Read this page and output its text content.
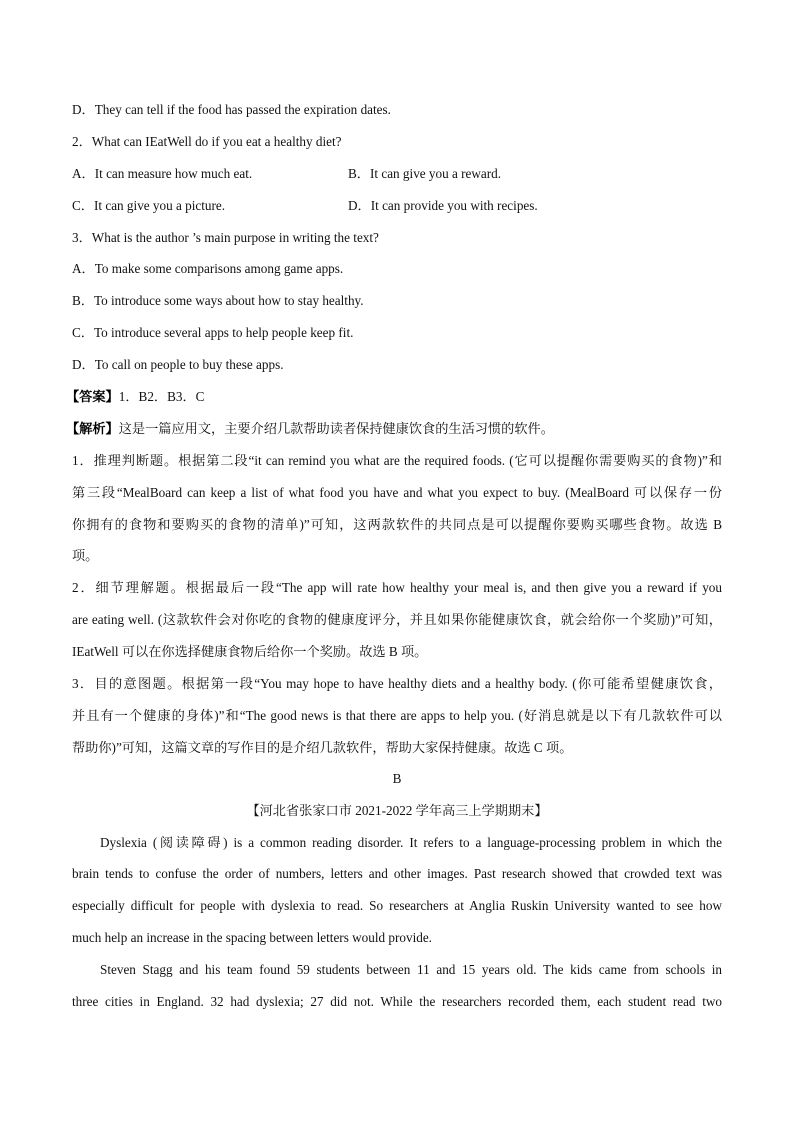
D．They can tell if the food has passed the expiration dates.
2．What can IEatWell do if you eat a healthy diet?
A．It can measure how much eat.	B．It can give you a reward.
C．It can give you a picture.	D．It can provide you with recipes.
3．What is the author ’s main purpose in writing the text?
A．To make some comparisons among game apps.
B．To introduce some ways about how to stay healthy.
C．To introduce several apps to help people keep fit.
D．To call on people to buy these apps.
【答案】1．B2．B3．C
【解析】这是一篇应用文，主要介绍几款帮助读者保持健康饮食的生活习惯的软件。
1．推理判断题。根据第二段“it can remind you what are the required foods. (它可以提醒你需要购买的食物)”和
第三段“MealBoard can keep a list of what food you have and what you expect to buy. (MealBoard 可以保存一份
你拥有的食物和要购买的食物的清单)”可知，这两款软件的共同点是可以提醒你要购买哪些食物。故选 B
项。
2．细节理解题。根据最后一段“The app will rate how healthy your meal is, and then give you a reward if you
are eating well. (这款软件会对你吃的食物的健康度评分，并且如果你能健康饮食，就会给你一个奖励)”可知，
IEatWell 可以在你选择健康食物后给你一个奖励。故选 B 项。
3．目的意图题。根据第一段“You may hope to have healthy diets and a healthy body. (你可能希望健康饮食，
并且有一个健康的身体)”和“The good news is that there are apps to help you. (好消息就是以下有几款软件可以
帮助你)”可知，这篇文章的写作目的是介绍几款软件，帮助大家保持健康。故选 C 项。
B
【河北省张家口市 2021-2022 学年高三上学期期末】
Dyslexia (阅读障碍) is a common reading disorder. It refers to a language-processing problem in which the
brain tends to confuse the order of numbers, letters and other images. Past research showed that crowded text was
especially difficult for people with dyslexia to read. So researchers at Anglia Ruskin University wanted to see how
much help an increase in the spacing between letters would provide.
Steven Stagg and his team found 59 students between 11 and 15 years old. The kids came from schools in
three cities in England. 32 had dyslexia; 27 did not. While the researchers recorded them, each student read two
